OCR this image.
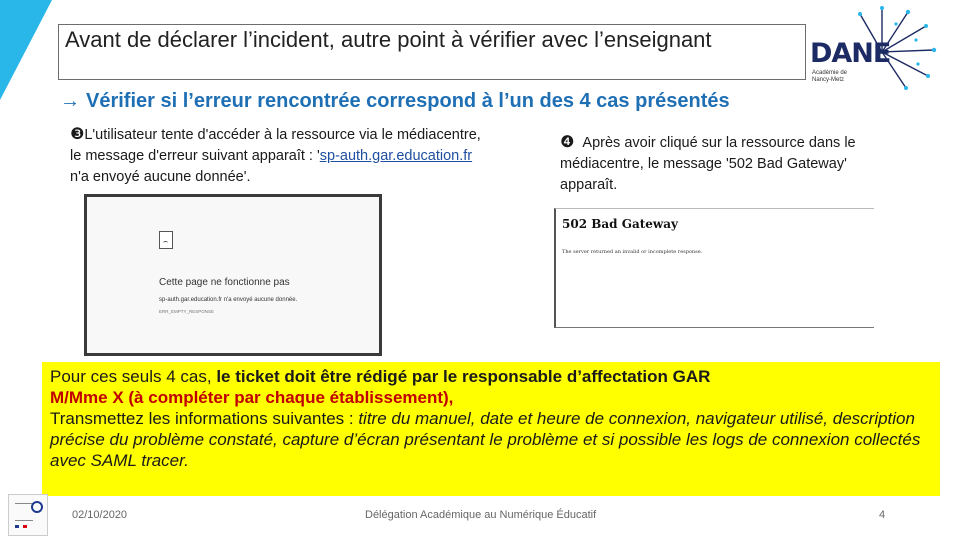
Avant de déclarer l’incident, autre point à vérifier avec l’enseignant	DANE
Académie de
Nancy-Metz
→ Vérifier si l’erreur rencontrée correspond à l’un des 4 cas présentés
❸L'utilisateur tente d'accéder à la ressource via le médiacentre, le message d'erreur suivant apparaît : 'sp-auth.gar.education.fr n'a envoyé aucune donnée'.
❹ Après avoir cliqué sur la ressource dans le médiacentre, le message '502 Bad Gateway' apparaît.
Cette page ne fonctionne pas
sp-auth.gar.education.fr n'a envoyé aucune donnée.
ERR_EMPTY_RESPONSE
502 Bad Gateway
The server returned an invalid or incomplete response.
Pour ces seuls 4 cas, le ticket doit être rédigé par le responsable d’affectation GAR
M/Mme X (à compléter par chaque établissement),
Transmettez les informations suivantes : titre du manuel, date et heure de connexion, navigateur utilisé, description précise du problème constaté, capture d’écran présentant le problème et si possible les logs de connexion collectés avec SAML tracer.
02/10/2020	Délégation Académique au Numérique Éducatif	4
